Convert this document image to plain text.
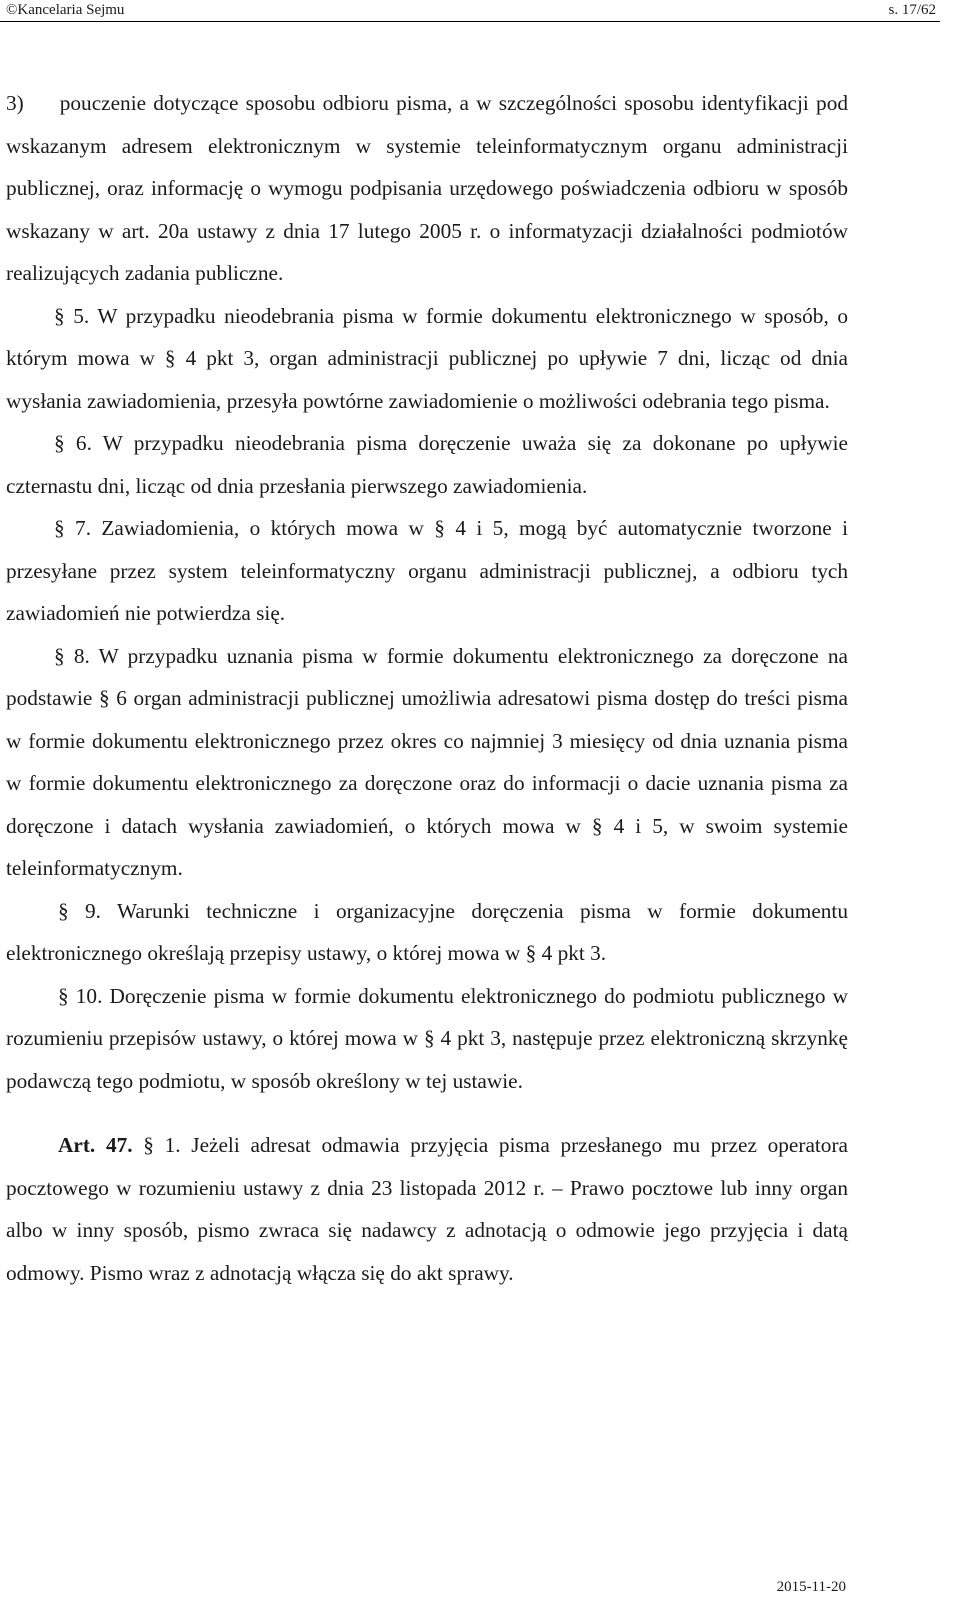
©Kancelaria Sejmu	s. 17/62

3)     pouczenie dotyczące sposobu odbioru pisma, a w szczególności sposobu identyfikacji pod wskazanym adresem elektronicznym w systemie teleinformatycznym organu administracji publicznej, oraz informację o wymogu podpisania urzędowego poświadczenia odbioru w sposób wskazany w art. 20a ustawy z dnia 17 lutego 2005 r. o informatyzacji działalności podmiotów realizujących zadania publiczne.

§ 5. W przypadku nieodebrania pisma w formie dokumentu elektronicznego w sposób, o którym mowa w § 4 pkt 3, organ administracji publicznej po upływie 7 dni, licząc od dnia wysłania zawiadomienia, przesyła powtórne zawiadomienie o możliwości odebrania tego pisma.

§ 6. W przypadku nieodebrania pisma doręczenie uważa się za dokonane po upływie czternastu dni, licząc od dnia przesłania pierwszego zawiadomienia.

§ 7. Zawiadomienia, o których mowa w § 4 i 5, mogą być automatycznie tworzone i przesyłane przez system teleinformatyczny organu administracji publicznej, a odbioru tych zawiadomień nie potwierdza się.

§ 8. W przypadku uznania pisma w formie dokumentu elektronicznego za doręczone na podstawie § 6 organ administracji publicznej umożliwia adresatowi pisma dostęp do treści pisma w formie dokumentu elektronicznego przez okres co najmniej 3 miesięcy od dnia uznania pisma w formie dokumentu elektronicznego za doręczone oraz do informacji o dacie uznania pisma za doręczone i datach wysłania zawiadomień, o których mowa w § 4 i 5, w swoim systemie teleinformatycznym.

§ 9. Warunki techniczne i organizacyjne doręczenia pisma w formie dokumentu elektronicznego określają przepisy ustawy, o której mowa w § 4 pkt 3.

§ 10. Doręczenie pisma w formie dokumentu elektronicznego do podmiotu publicznego w rozumieniu przepisów ustawy, o której mowa w § 4 pkt 3, następuje przez elektroniczną skrzynkę podawczą tego podmiotu, w sposób określony w tej ustawie.

Art. 47. § 1. Jeżeli adresat odmawia przyjęcia pisma przesłanego mu przez operatora pocztowego w rozumieniu ustawy z dnia 23 listopada 2012 r. – Prawo pocztowe lub inny organ albo w inny sposób, pismo zwraca się nadawcy z adnotacją o odmowie jego przyjęcia i datą odmowy. Pismo wraz z adnotacją włącza się do akt sprawy.

2015-11-20
